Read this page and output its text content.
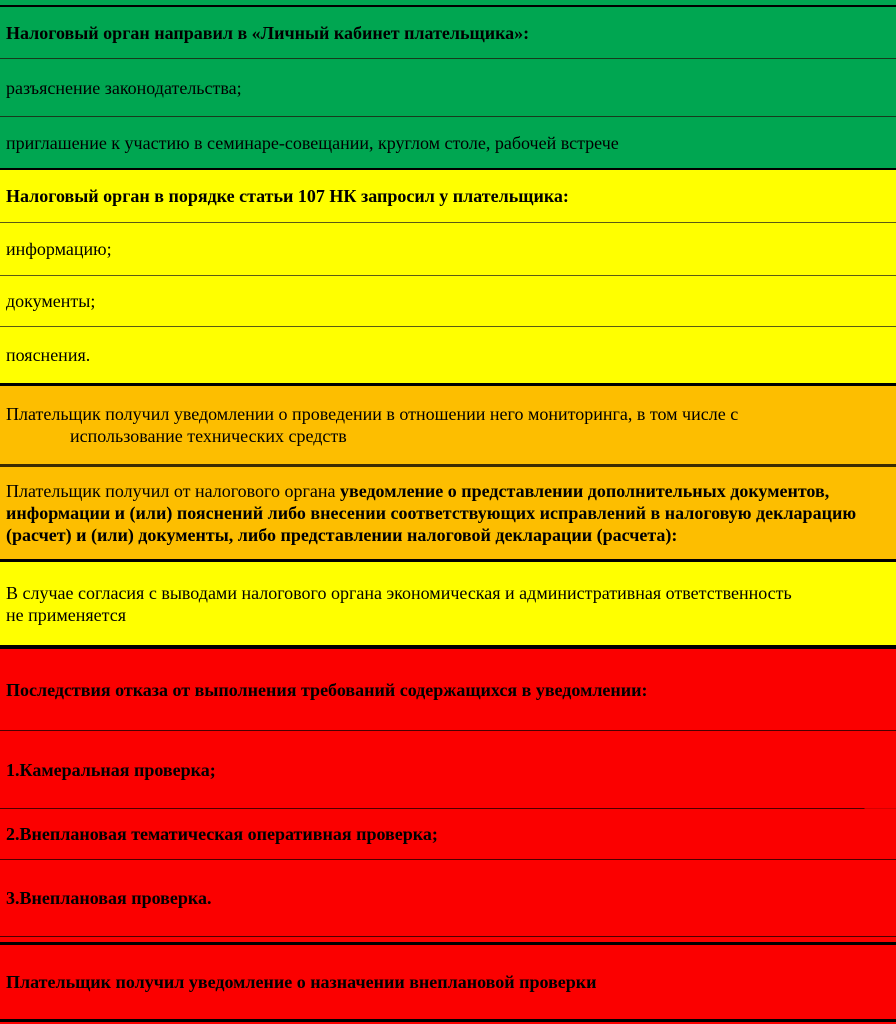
Налоговый орган направил в «Личный кабинет плательщика»:
разъяснение законодательства;
приглашение к участию в семинаре-совещании, круглом столе, рабочей встрече
Налоговый орган в порядке статьи 107 НК запросил у плательщика:
информацию;
документы;
пояснения.
Плательщик получил уведомлении о проведении в отношении него мониторинга, в том числе с
использование технических средств
Плательщик получил от налогового органа уведомление о представлении дополнительных документов,
информации и (или) пояснений либо внесении соответствующих исправлений в налоговую декларацию
(расчет) и (или) документы, либо представлении налоговой декларации (расчета):
В случае согласия с выводами налогового органа экономическая и административная ответственность
не применяется
Последствия отказа от выполнения требований содержащихся в уведомлении:
1.Камеральная проверка;
2.Внеплановая тематическая оперативная проверка;
3.Внеплановая проверка.
Плательщик получил уведомление о назначении внеплановой проверки
